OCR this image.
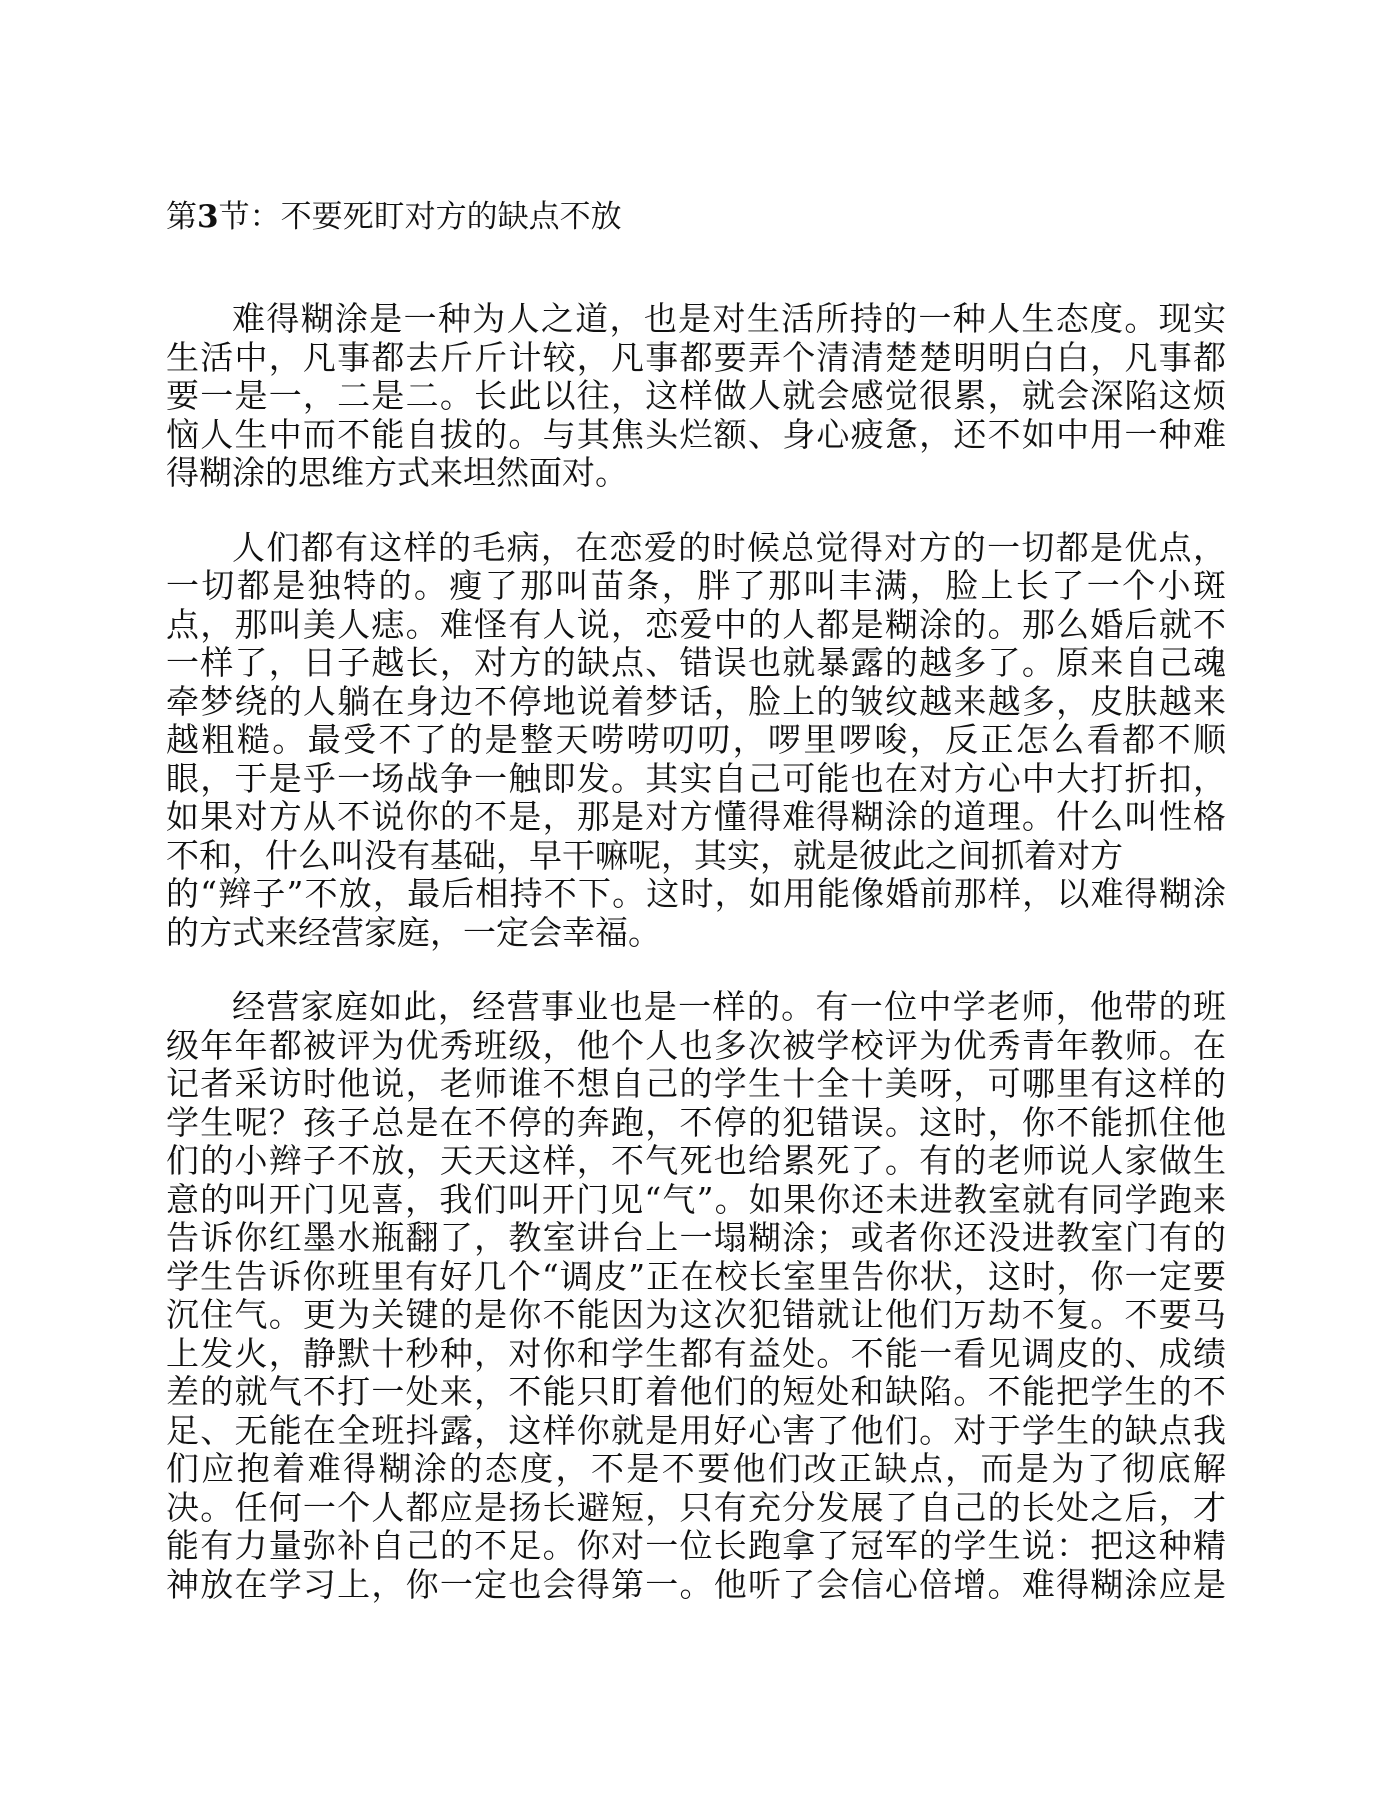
第3节：不要死盯对方的缺点不放
难得糊涂是一种为人之道，也是对生活所持的一种人生态度。现实
生活中，凡事都去斤斤计较，凡事都要弄个清清楚楚明明白白，凡事都
要一是一，二是二。长此以往，这样做人就会感觉很累，就会深陷这烦
恼人生中而不能自拔的。与其焦头烂额、身心疲惫，还不如中用一种难
得糊涂的思维方式来坦然面对。
人们都有这样的毛病，在恋爱的时候总觉得对方的一切都是优点，
一切都是独特的。瘦了那叫苗条，胖了那叫丰满，脸上长了一个小斑
点，那叫美人痣。难怪有人说，恋爱中的人都是糊涂的。那么婚后就不
一样了，日子越长，对方的缺点、错误也就暴露的越多了。原来自己魂
牵梦绕的人躺在身边不停地说着梦话，脸上的皱纹越来越多，皮肤越来
越粗糙。最受不了的是整天唠唠叨叨，啰里啰唆，反正怎么看都不顺
眼，于是乎一场战争一触即发。其实自己可能也在对方心中大打折扣，
如果对方从不说你的不是，那是对方懂得难得糊涂的道理。什么叫性格
不和，什么叫没有基础，早干嘛呢，其实，就是彼此之间抓着对方
的“辫子”不放，最后相持不下。这时，如用能像婚前那样，以难得糊涂
的方式来经营家庭，一定会幸福。
经营家庭如此，经营事业也是一样的。有一位中学老师，他带的班
级年年都被评为优秀班级，他个人也多次被学校评为优秀青年教师。在
记者采访时他说，老师谁不想自己的学生十全十美呀，可哪里有这样的
学生呢？孩子总是在不停的奔跑，不停的犯错误。这时，你不能抓住他
们的小辫子不放，天天这样，不气死也给累死了。有的老师说人家做生
意的叫开门见喜，我们叫开门见“气”。如果你还未进教室就有同学跑来
告诉你红墨水瓶翻了，教室讲台上一塌糊涂；或者你还没进教室门有的
学生告诉你班里有好几个“调皮”正在校长室里告你状，这时，你一定要
沉住气。更为关键的是你不能因为这次犯错就让他们万劫不复。不要马
上发火，静默十秒种，对你和学生都有益处。不能一看见调皮的、成绩
差的就气不打一处来，不能只盯着他们的短处和缺陷。不能把学生的不
足、无能在全班抖露，这样你就是用好心害了他们。对于学生的缺点我
们应抱着难得糊涂的态度，不是不要他们改正缺点，而是为了彻底解
决。任何一个人都应是扬长避短，只有充分发展了自己的长处之后，才
能有力量弥补自己的不足。你对一位长跑拿了冠军的学生说：把这种精
神放在学习上，你一定也会得第一。他听了会信心倍增。难得糊涂应是
